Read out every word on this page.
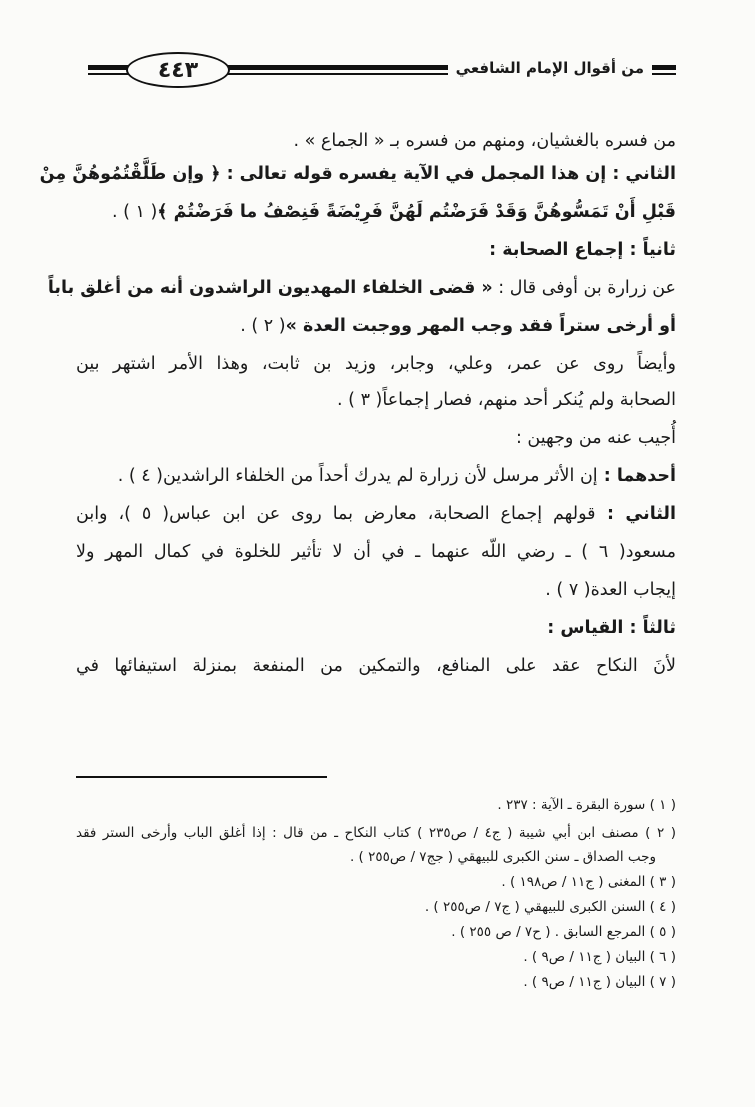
٤٤٣	من أقوال الإمام الشافعي
من فسره بالغشيان، ومنهم من فسره بـ « الجماع » .
الثاني : إن هذا المجمل في الآية يفسره قوله تعالى : ﴿ وإن طَلَّقْتُمُوهُنَّ مِنْ
قَبْلِ أَنْ تَمَسُّوهُنَّ وَقَدْ فَرَضْتُم لَهُنَّ فَرِيْضَةً فَنِصْفُ ما فَرَضْتُمْ ﴾( ١ ) .
ثانياً : إجماع الصحابة :
عن زرارة بن أوفى قال : « قضى الخلفاء المهديون الراشدون أنه من أغلق باباً
أو أرخى ستراً فقد وجب المهر ووجبت العدة »( ٢ ) .
وأيضاً روى عن عمر، وعلي، وجابر، وزيد بن ثابت، وهذا الأمر اشتهر بين
الصحابة ولم يُنكر أحد منهم، فصار إجماعاً( ٣ ) .
أُجيب عنه من وجهين :
أحدهما : إن الأثر مرسل لأن زرارة لم يدرك أحداً من الخلفاء الراشدين( ٤ ) .
الثاني : قولهم إجماع الصحابة، معارض بما روى عن ابن عباس( ٥ )، وابن
مسعود( ٦ ) ـ رضي اللّه عنهما ـ في أن لا تأثير للخلوة في كمال المهر ولا
إيجاب العدة( ٧ ) .
ثالثاً : القياس :
لأنَ النكاح عقد على المنافع، والتمكين من المنفعة بمنزلة استيفائها في
( ١ ) سورة البقرة ـ الآية : ٢٣٧ .
( ٢ ) مصنف ابن أبي شيبة ( ج٤ / ص٢٣٥ ) كتاب النكاح ـ من قال : إذا أغلق الباب وأرخى الستر فقد
وجب الصداق ـ سنن الكبرى للبيهقي ( جج٧ / ص٢٥٥ ) .
( ٣ ) المغنى ( ج١١ / ص١٩٨ ) .
( ٤ ) السنن الكبرى للبيهقي ( ج٧ / ص٢٥٥ ) .
( ٥ ) المرجع السابق . ( ح٧ / ص ٢٥٥ ) .
( ٦ ) البيان ( ج١١ / ص٩ ) .
( ٧ ) البيان ( ج١١ / ص٩ ) .
